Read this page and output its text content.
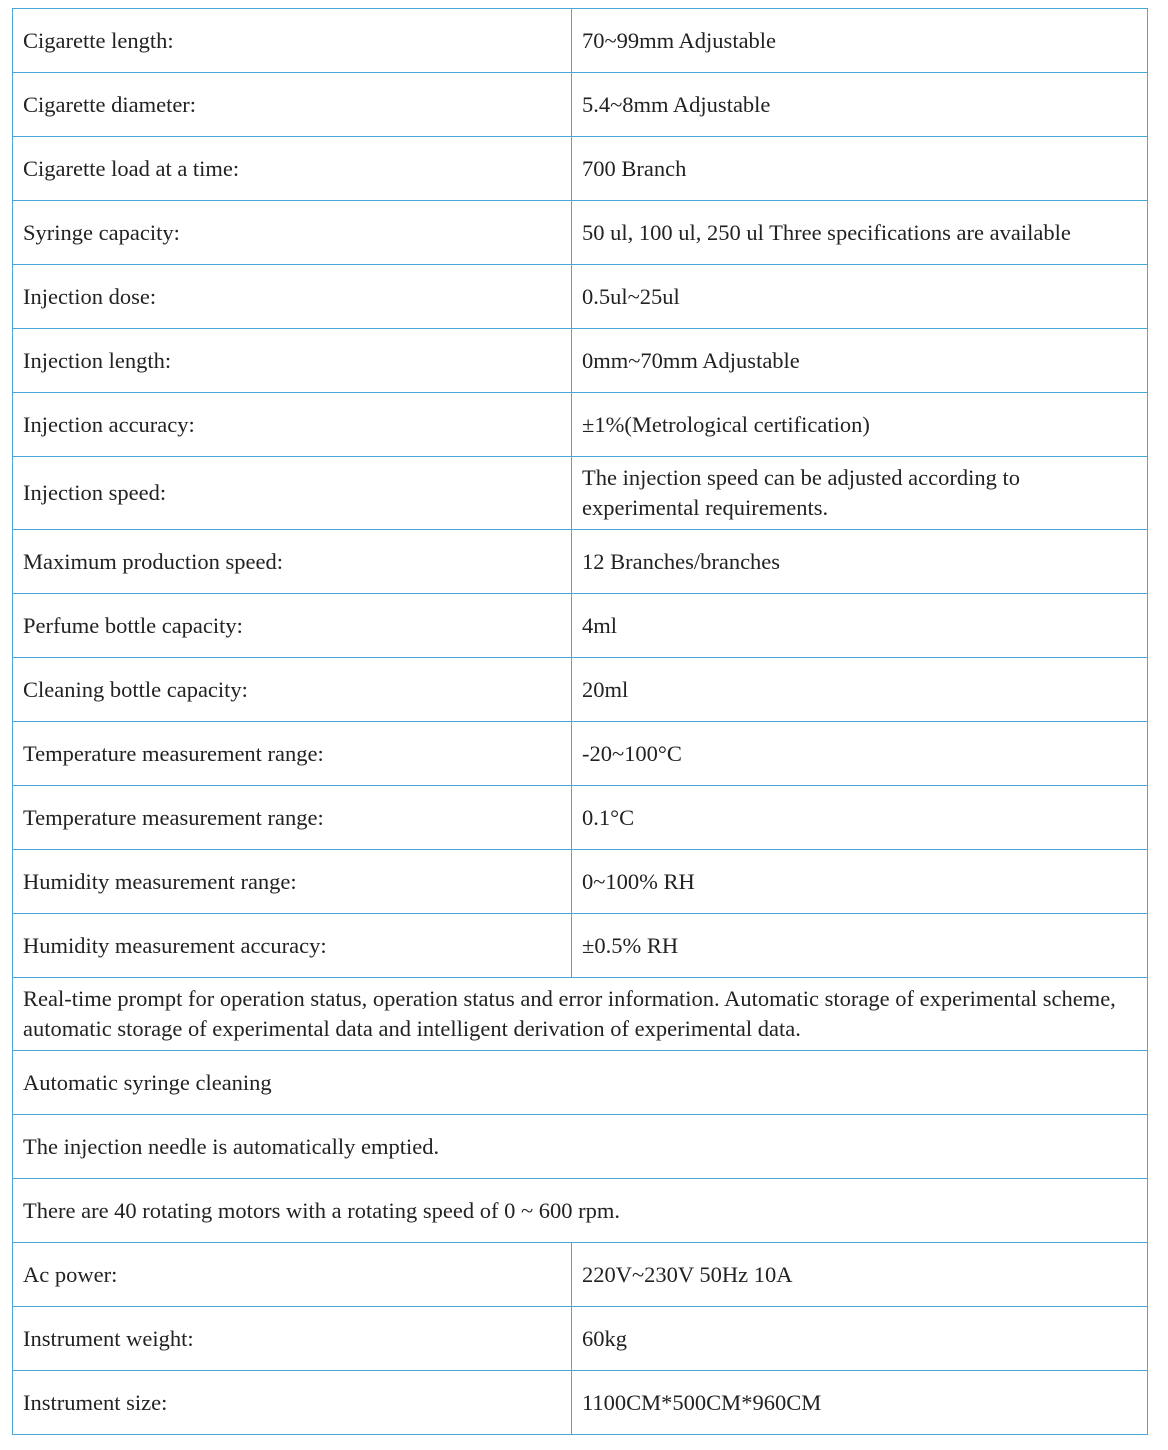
Cigarette length:	70~99mm Adjustable
Cigarette diameter:	5.4~8mm Adjustable
Cigarette load at a time:	700 Branch
Syringe capacity:	50 ul, 100 ul, 250 ul Three specifications are available
Injection dose:	0.5ul~25ul
Injection length:	0mm~70mm Adjustable
Injection accuracy:	±1%(Metrological certification)
Injection speed:	The injection speed can be adjusted according to experimental requirements.
Maximum production speed:	12 Branches/branches
Perfume bottle capacity:	4ml
Cleaning bottle capacity:	20ml
Temperature measurement range:	-20~100°C
Temperature measurement range:	0.1°C
Humidity measurement range:	0~100% RH
Humidity measurement accuracy:	±0.5% RH
Real-time prompt for operation status, operation status and error information. Automatic storage of experimental scheme, automatic storage of experimental data and intelligent derivation of experimental data.	
Automatic syringe cleaning	
The injection needle is automatically emptied.	
There are 40 rotating motors with a rotating speed of 0 ~ 600 rpm.	
Ac power:	220V~230V 50Hz 10A
Instrument weight:	60kg
Instrument size:	1100CM*500CM*960CM
